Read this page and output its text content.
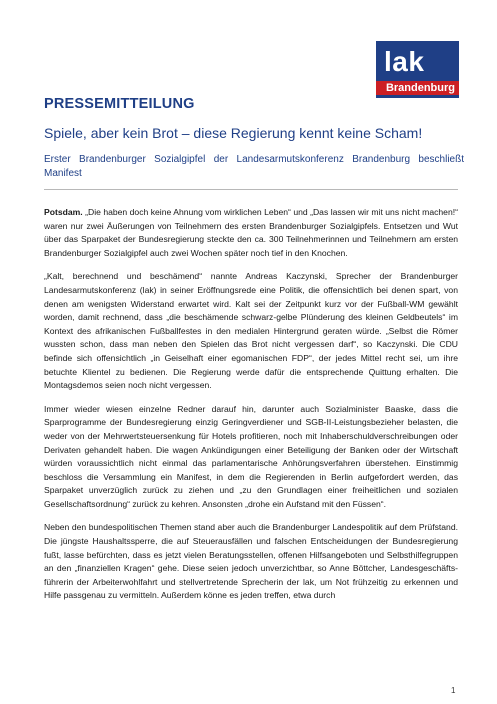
lak
Brandenburg
PRESSEMITTEILUNG
Spiele, aber kein Brot – diese Regierung kennt keine Scham!
Erster Brandenburger Sozialgipfel der Landesarmutskonferenz Brandenburg beschließt Manifest

Potsdam. „Die haben doch keine Ahnung vom wirklichen Leben“ und „Das lassen wir mit uns nicht machen!“ waren nur zwei Äußerungen von Teilnehmern des ersten Brandenburger Sozialgipfels. Entsetzen und Wut über das Sparpaket der Bundesregierung steckte den ca. 300 Teilnehmerinnen und Teilnehmern am ersten Brandenburger Sozialgipfel auch zwei Wochen später noch tief in den Knochen.

„Kalt, berechnend und beschämend“ nannte Andreas Kaczynski, Sprecher der Brandenburger Landesarmutskonferenz (lak) in seiner Eröffnungsrede eine Politik, die offensichtlich bei denen spart, von denen am wenigsten Widerstand erwartet wird. Kalt sei der Zeitpunkt kurz vor der Fußball-WM gewählt worden, damit rechnend, dass „die beschämende schwarz-gelbe Plünderung des kleinen Geldbeutels“ im Kontext des afrikanischen Fußballfestes in den medialen Hintergrund geraten würde. „Selbst die Römer wussten schon, dass man neben den Spielen das Brot nicht vergessen darf“, so Kaczynski. Die CDU befinde sich offensichtlich „in Geiselhaft einer egomanischen FDP“, der jedes Mittel recht sei, um ihre betuchte Klientel zu bedienen. Die Regierung werde dafür die entsprechende Quittung erhalten. Die Montagsdemos seien noch nicht vergessen.

Immer wieder wiesen einzelne Redner darauf hin, darunter auch Sozialminister Baaske, dass die Sparprogramme der Bundesregierung einzig Geringverdiener und SGB-II-Leistungsbezieher belasten, die weder von der Mehrwertsteuersenkung für Hotels profitieren, noch mit Inhaberschuldverschreibungen oder Derivaten gehandelt haben. Die wagen Ankündigungen einer Beteiligung der Banken oder der Wirtschaft würden voraussichtlich nicht einmal das parlamentarische Anhörungsverfahren überstehen. Einstimmig beschloss die Versammlung ein Manifest, in dem die Regierenden in Berlin aufgefordert werden, das Sparpaket unverzüglich zurück zu ziehen und „zu den Grundlagen einer freiheitlichen und sozialen Gesellschaftsordnung“ zurück zu kehren. Ansonsten „drohe ein Aufstand mit den Füssen“.

Neben den bundespolitischen Themen stand aber auch die Brandenburger Landespolitik auf dem Prüfstand. Die jüngste Haushaltssperre, die auf Steuerausfällen und falschen Entscheidungen der Bundesregierung fußt, lasse befürchten, dass es jetzt vielen Beratungsstellen, offenen Hilfsangeboten und Selbsthilfegruppen an den „finanziellen Kragen“ gehe. Diese seien jedoch unverzichtbar, so Anne Böttcher, Landesgeschäfts-führerin der Arbeiterwohlfahrt und stellvertretende Sprecherin der lak, um Not frühzeitig zu erkennen und Hilfe passgenau zu vermitteln. Außerdem könne es jeden treffen, etwa durch

1
